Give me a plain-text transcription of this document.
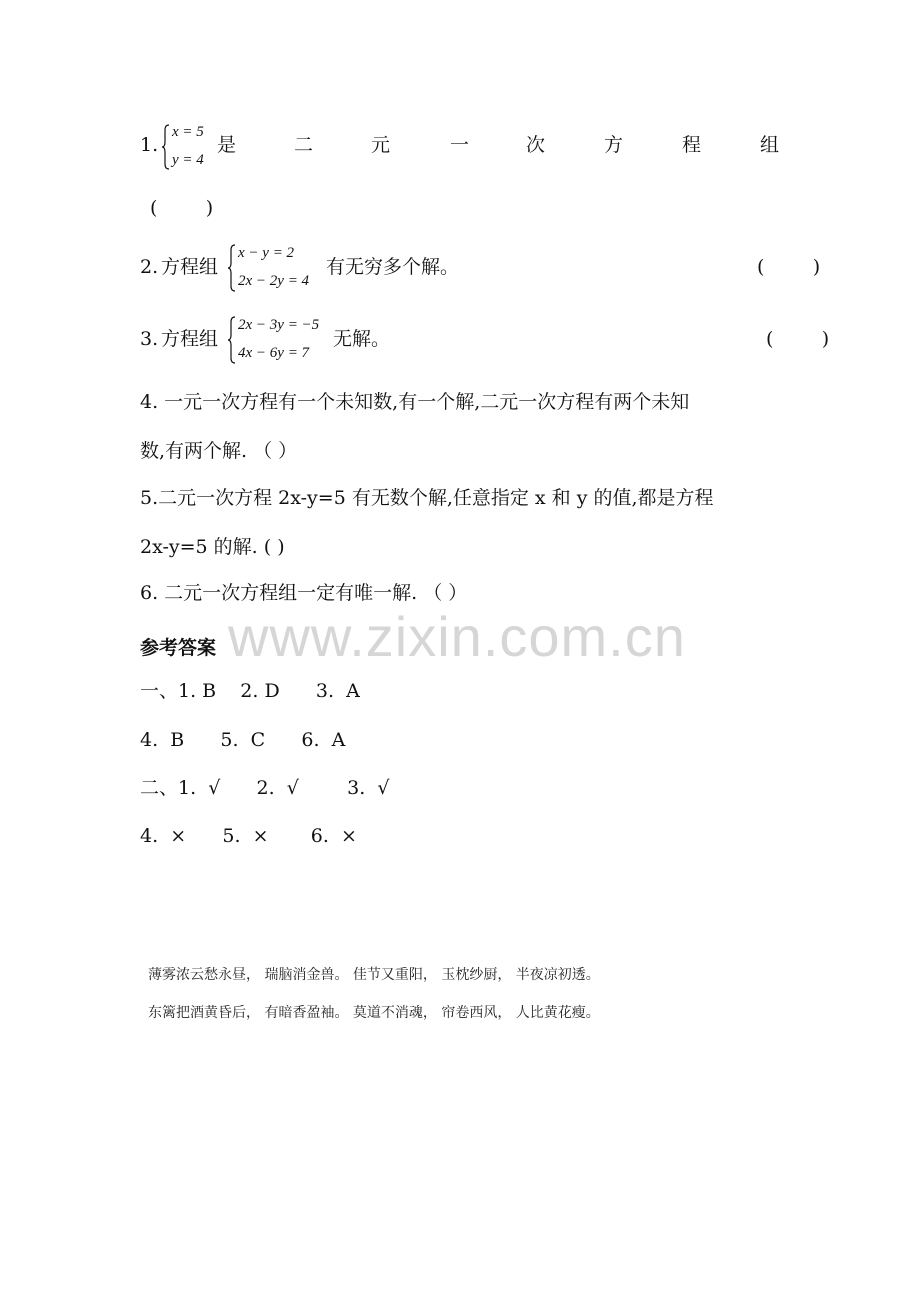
www.zixin.com.cn
1.
x = 5
y = 4
是	二	元	一	次	方	程	组
(        )
2. 方程组
x − y = 2
2x − 2y = 4
有无穷多个解。	(        )
3. 方程组
2x − 3y = −5
4x − 6y = 7
无解。	(        )
4. 一元一次方程有一个未知数,有一个解,二元一次方程有两个未知
数,有两个解. （ ）
5.二元一次方程 2x-y=5 有无数个解,任意指定 x 和 y 的值,都是方程
2x-y=5 的解. ( )
6. 二元一次方程组一定有唯一解. （ ）
参考答案
一、1. B    2. D      3.  A
4.  B      5.  C      6.  A
二、1.  √      2.  √        3.  √
4.  ×      5.  ×       6.  ×
薄雾浓云愁永昼， 瑞脑消金兽。 佳节又重阳， 玉枕纱厨， 半夜凉初透。
东篱把酒黄昏后， 有暗香盈袖。 莫道不消魂， 帘卷西风， 人比黄花瘦。
